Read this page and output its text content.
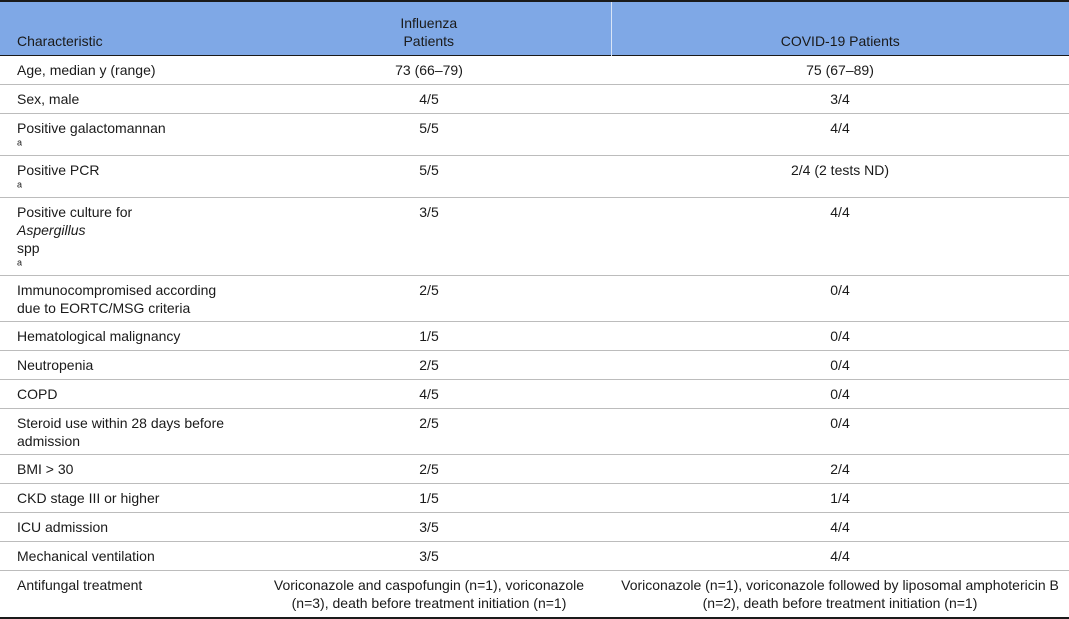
Characteristic	Influenza Patients	COVID-19 Patients
Age, median y (range)	73 (66–79)	75 (67–89)
Sex, male	4/5	3/4
Positive galactomannan$^a$	5/5	4/4
Positive PCR$^a$	5/5	2/4 (2 tests ND)
Positive culture forAspergillusspp$^a$	3/5	4/4
Immunocompromised according due to EORTC/MSG criteria	2/5	0/4
Hematological malignancy	1/5	0/4
Neutropenia	2/5	0/4
COPD	4/5	0/4
Steroid use within 28 days before admission	2/5	0/4
BMI > 30	2/5	2/4
CKD stage III or higher	1/5	1/4
ICU admission	3/5	4/4
Mechanical ventilation	3/5	4/4
Antifungal treatment	Voriconazole and caspofungin (n=1), voriconazole (n=3), death before treatment initiation (n=1)	Voriconazole (n=1), voriconazole followed by liposomal amphotericin B (n=2), death before treatment initiation (n=1)
